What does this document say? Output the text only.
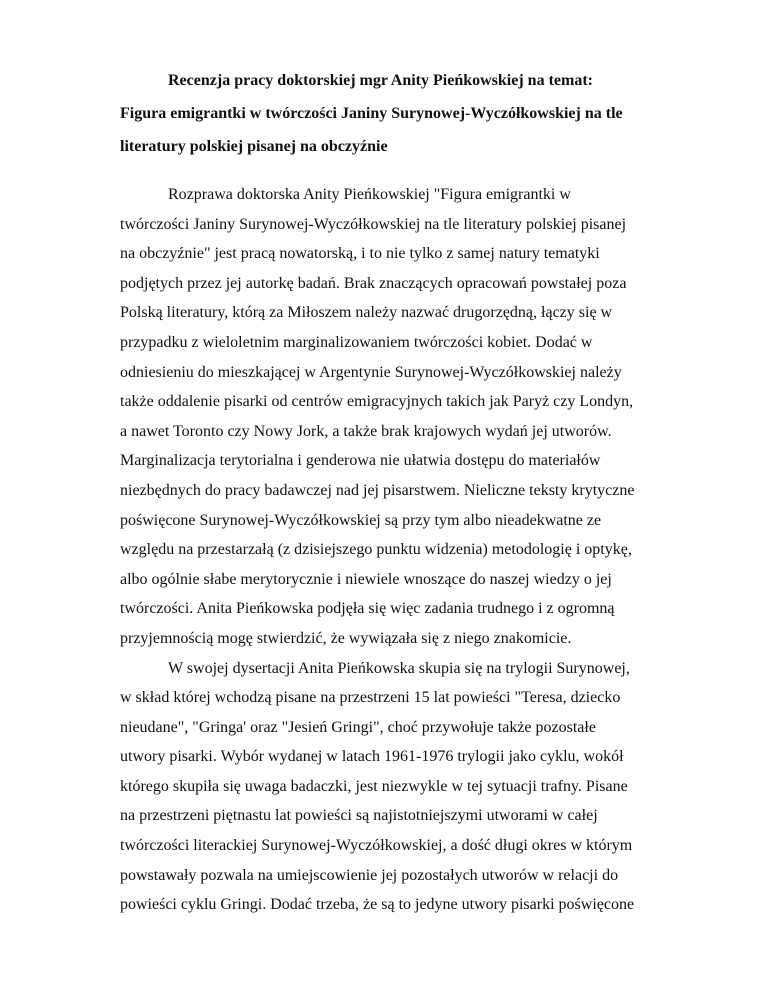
Recenzja pracy doktorskiej mgr Anity Pieńkowskiej na temat:
Figura emigrantki w twórczości Janiny Surynowej-Wyczółkowskiej na tle
literatury polskiej pisanej na obczyźnie
Rozprawa doktorska Anity Pieńkowskiej "Figura emigrantki w
twórczości Janiny Surynowej-Wyczółkowskiej na tle literatury polskiej pisanej
na obczyźnie" jest pracą nowatorską, i to nie tylko z samej natury tematyki
podjętych przez jej autorkę badań. Brak znaczących opracowań powstałej poza
Polską literatury, którą za Miłoszem należy nazwać drugorzędną, łączy się w
przypadku z wieloletnim marginalizowaniem twórczości kobiet. Dodać w
odniesieniu do mieszkającej w Argentynie Surynowej-Wyczółkowskiej należy
także oddalenie pisarki od centrów emigracyjnych takich jak Paryż czy Londyn,
a nawet Toronto czy Nowy Jork, a także brak krajowych wydań jej utworów.
Marginalizacja terytorialna i genderowa nie ułatwia dostępu do materiałów
niezbędnych do pracy badawczej nad jej pisarstwem. Nieliczne teksty krytyczne
poświęcone Surynowej-Wyczółkowskiej są przy tym albo nieadekwatne ze
względu na przestarzałą (z dzisiejszego punktu widzenia) metodologię i optykę,
albo ogólnie słabe merytorycznie i niewiele wnoszące do naszej wiedzy o jej
twórczości. Anita Pieńkowska podjęła się więc zadania trudnego i z ogromną
przyjemnością mogę stwierdzić, że wywiązała się z niego znakomicie.
W swojej dysertacji Anita Pieńkowska skupia się na trylogii Surynowej,
w skład której wchodzą pisane na przestrzeni 15 lat powieści "Teresa, dziecko
nieudane", "Gringa' oraz "Jesień Gringi", choć przywołuje także pozostałe
utwory pisarki. Wybór wydanej w latach 1961-1976 trylogii jako cyklu, wokół
którego skupiła się uwaga badaczki, jest niezwykle w tej sytuacji trafny. Pisane
na przestrzeni piętnastu lat powieści są najistotniejszymi utworami w całej
twórczości literackiej Surynowej-Wyczółkowskiej, a dość długi okres w którym
powstawały pozwala na umiejscowienie jej pozostałych utworów w relacji do
powieści cyklu Gringi. Dodać trzeba, że są to jedyne utwory pisarki poświęcone
